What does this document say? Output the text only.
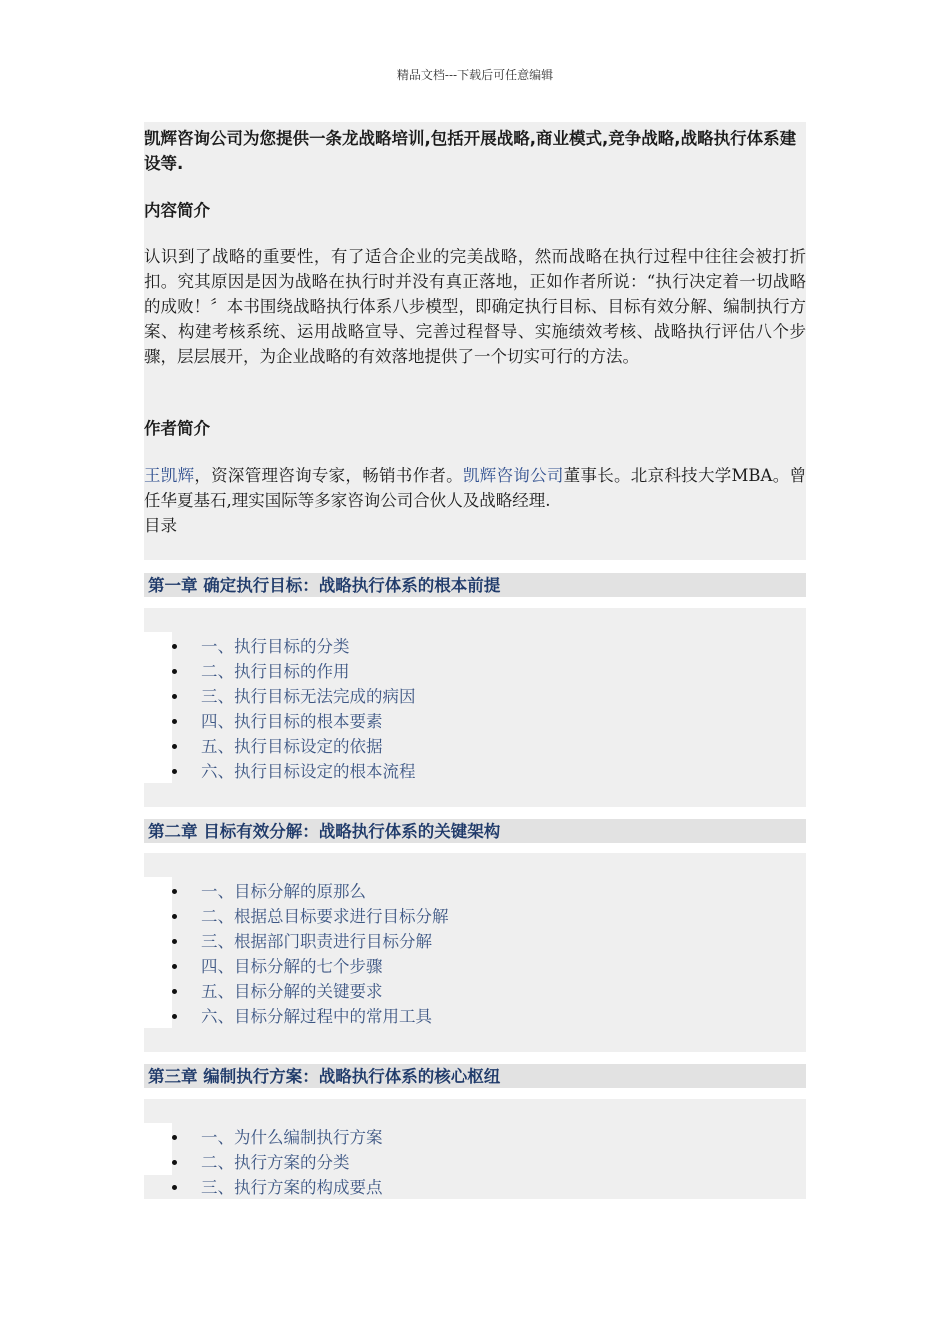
精品文档---下载后可任意编辑
凯辉咨询公司为您提供一条龙战略培训,包括开展战略,商业模式,竞争战略,战略执行体系建设等.
内容简介
认识到了战略的重要性，有了适合企业的完美战略，然而战略在执行过程中往往会被打折扣。究其原因是因为战略在执行时并没有真正落地，正如作者所说：“执行决定着一切战略的成败！〞本书围绕战略执行体系八步模型，即确定执行目标、目标有效分解、编制执行方案、构建考核系统、运用战略宣导、完善过程督导、实施绩效考核、战略执行评估八个步骤，层层展开，为企业战略的有效落地提供了一个切实可行的方法。
作者简介
王凯辉，资深管理咨询专家，畅销书作者。凯辉咨询公司董事长。北京科技大学MBA。曾任华夏基石,理实国际等多家咨询公司合伙人及战略经理.
目录
第一章 确定执行目标：战略执行体系的根本前提
一、执行目标的分类
二、执行目标的作用
三、执行目标无法完成的病因
四、执行目标的根本要素
五、执行目标设定的依据
六、执行目标设定的根本流程
第二章 目标有效分解：战略执行体系的关键架构
一、目标分解的原那么
二、根据总目标要求进行目标分解
三、根据部门职责进行目标分解
四、目标分解的七个步骤
五、目标分解的关键要求
六、目标分解过程中的常用工具
第三章 编制执行方案：战略执行体系的核心枢纽
一、为什么编制执行方案
二、执行方案的分类
三、执行方案的构成要点
